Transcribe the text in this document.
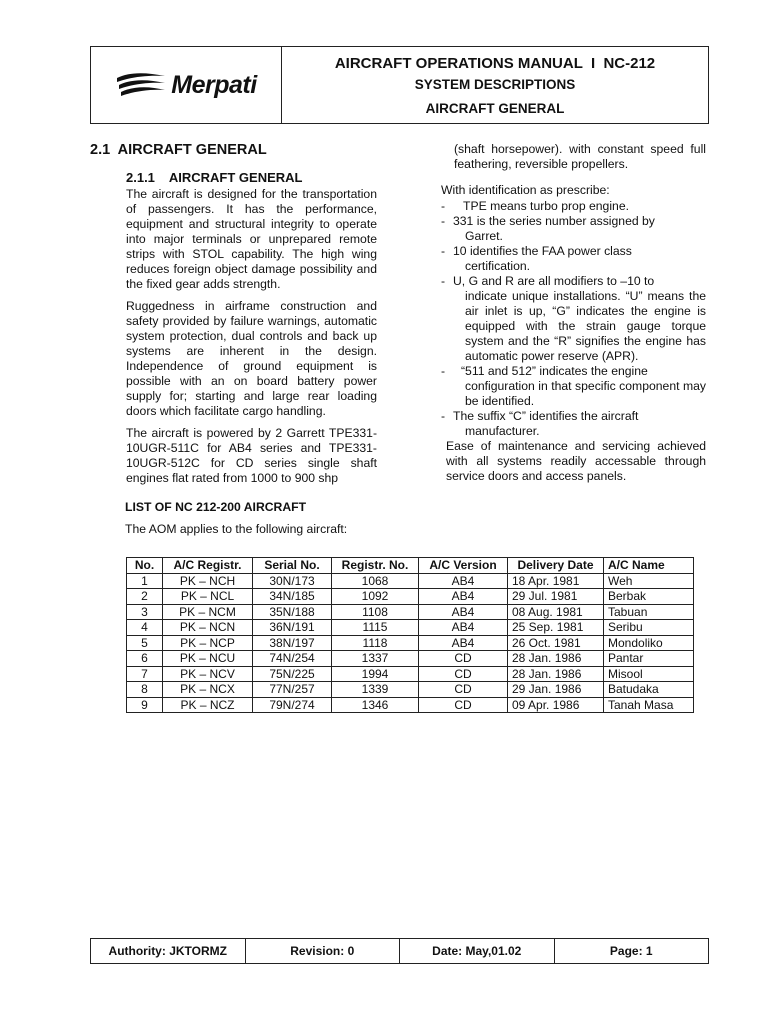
Merpati
AIRCRAFT OPERATIONS MANUAL  I  NC-212
SYSTEM DESCRIPTIONS
AIRCRAFT GENERAL
2.1  AIRCRAFT GENERAL
2.1.1    AIRCRAFT GENERAL

The aircraft is designed for the transportation of passengers. It has the performance, equipment and structural integrity to operate into major terminals or unprepared remote strips with STOL capability. The high wing reduces foreign object damage possibility and the fixed gear adds strength.

Ruggedness in airframe construction and safety provided by failure warnings, automatic system protection, dual controls and back up systems are inherent in the design. Independence of ground equipment is possible with an on board battery power supply for; starting and large rear loading doors which facilitate cargo handling.

The aircraft is powered by 2 Garrett TPE331-10UGR-511C for AB4 series and TPE331-10UGR-512C for CD series single shaft engines flat rated from 1000 to 900 shp

(shaft horsepower). with constant speed full feathering, reversible propellers.

With identification as prescribe:

-	TPE means turbo prop engine.
- 331 is the series number assigned by
Garret.
- 10 identifies the FAA power class
certification.
- U, G and R are all modifiers to –10 to
indicate unique installations. “U” means the air inlet is up, “G” indicates the engine is equipped with the strain gauge torque system and the “R” signifies the engine has automatic power reserve (APR).
-	“511 and 512” indicates the engine
configuration in that specific component may be identified.
- The suffix “C” identifies the aircraft
manufacturer.

Ease of maintenance and servicing achieved with all systems readily accessable through service doors and access panels.

LIST OF NC 212-200 AIRCRAFT
The AOM applies to the following aircraft:
No.	A/C Registr.	Serial No.	Registr. No.	A/C Version	Delivery Date	A/C Name
1	PK – NCH	30N/173	1068	AB4	18 Apr. 1981	Weh
2	PK – NCL	34N/185	1092	AB4	29 Jul. 1981	Berbak
3	PK – NCM	35N/188	1108	AB4	08 Aug. 1981	Tabuan
4	PK – NCN	36N/191	1115	AB4	25 Sep. 1981	Seribu
5	PK – NCP	38N/197	1118	AB4	26 Oct. 1981	Mondoliko
6	PK – NCU	74N/254	1337	CD	28 Jan. 1986	Pantar
7	PK – NCV	75N/225	1994	CD	28 Jan. 1986	Misool
8	PK – NCX	77N/257	1339	CD	29 Jan. 1986	Batudaka
9	PK – NCZ	79N/274	1346	CD	09 Apr. 1986	Tanah Masa
Authority: JKTORMZ	Revision: 0	Date: May,01.02	Page: 1
